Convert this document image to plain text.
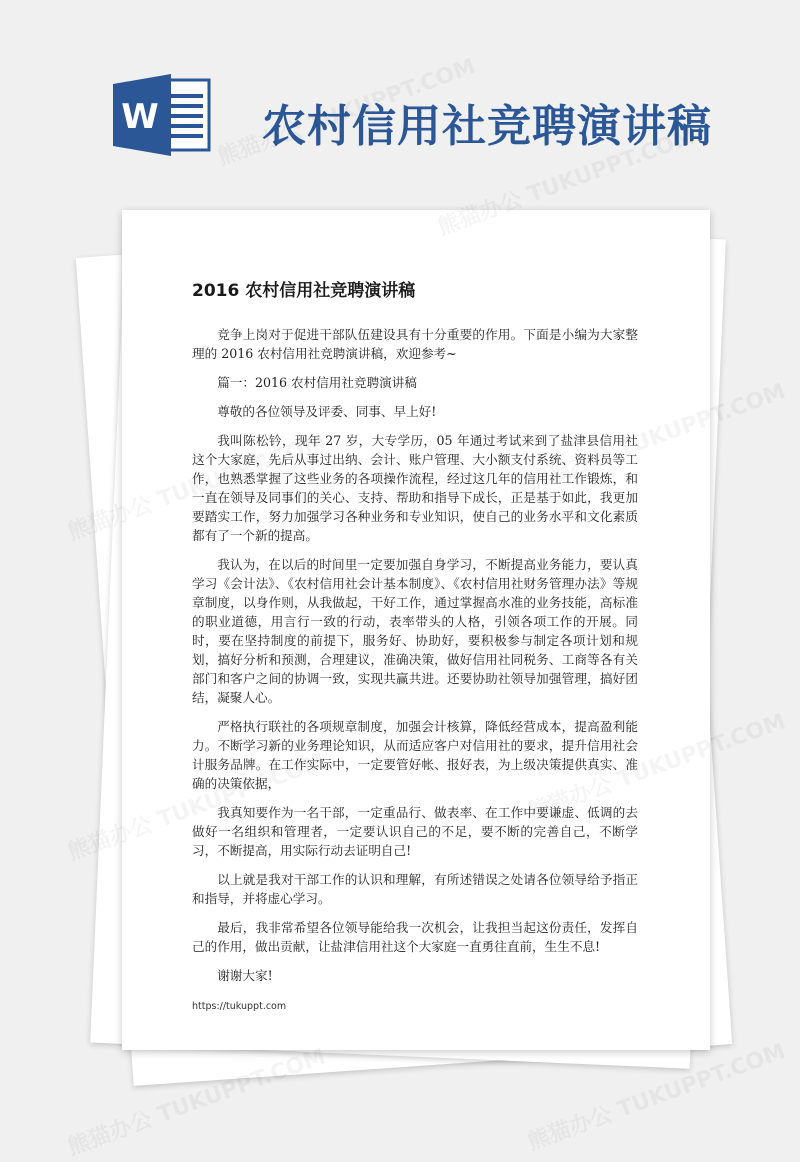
W 农村信用社竞聘演讲稿
2016 农村信用社竞聘演讲稿

竞争上岗对于促进干部队伍建设具有十分重要的作用。下面是小编为大家整理的 2016 农村信用社竞聘演讲稿，欢迎参考~

篇一：2016 农村信用社竞聘演讲稿

尊敬的各位领导及评委、同事、早上好!

我叫陈松钤，现年 27 岁，大专学历，05 年通过考试来到了盐津县信用社这个大家庭，先后从事过出纳、会计、账户管理、大小额支付系统、资料员等工作，也熟悉掌握了这些业务的各项操作流程，经过这几年的信用社工作锻炼，和一直在领导及同事们的关心、支持、帮助和指导下成长，正是基于如此，我更加要踏实工作，努力加强学习各种业务和专业知识，使自己的业务水平和文化素质都有了一个新的提高。

我认为，在以后的时间里一定要加强自身学习，不断提高业务能力，要认真学习《会计法》、《农村信用社会计基本制度》、《农村信用社财务管理办法》等规章制度，以身作则，从我做起，干好工作，通过掌握高水准的业务技能，高标准的职业道德，用言行一致的行动，表率带头的人格，引领各项工作的开展。同时，要在坚持制度的前提下，服务好、协助好，要积极参与制定各项计划和规划，搞好分析和预测，合理建议，准确决策，做好信用社同税务、工商等各有关部门和客户之间的协调一致，实现共赢共进。还要协助社领导加强管理，搞好团结，凝聚人心。

严格执行联社的各项规章制度，加强会计核算，降低经营成本，提高盈利能力。不断学习新的业务理论知识，从而适应客户对信用社的要求，提升信用社会计服务品牌。在工作实际中，一定要管好帐、报好表，为上级决策提供真实、准确的决策依据，

我真知要作为一名干部，一定重品行、做表率、在工作中要谦虚、低调的去做好一名组织和管理者，一定要认识自己的不足，要不断的完善自己，不断学习，不断提高，用实际行动去证明自己!

以上就是我对干部工作的认识和理解，有所述错误之处请各位领导给予指正和指导，并将虚心学习。

最后，我非常希望各位领导能给我一次机会，让我担当起这份责任，发挥自己的作用，做出贡献，让盐津信用社这个大家庭一直勇往直前，生生不息!

谢谢大家!

https://tukuppt.com
